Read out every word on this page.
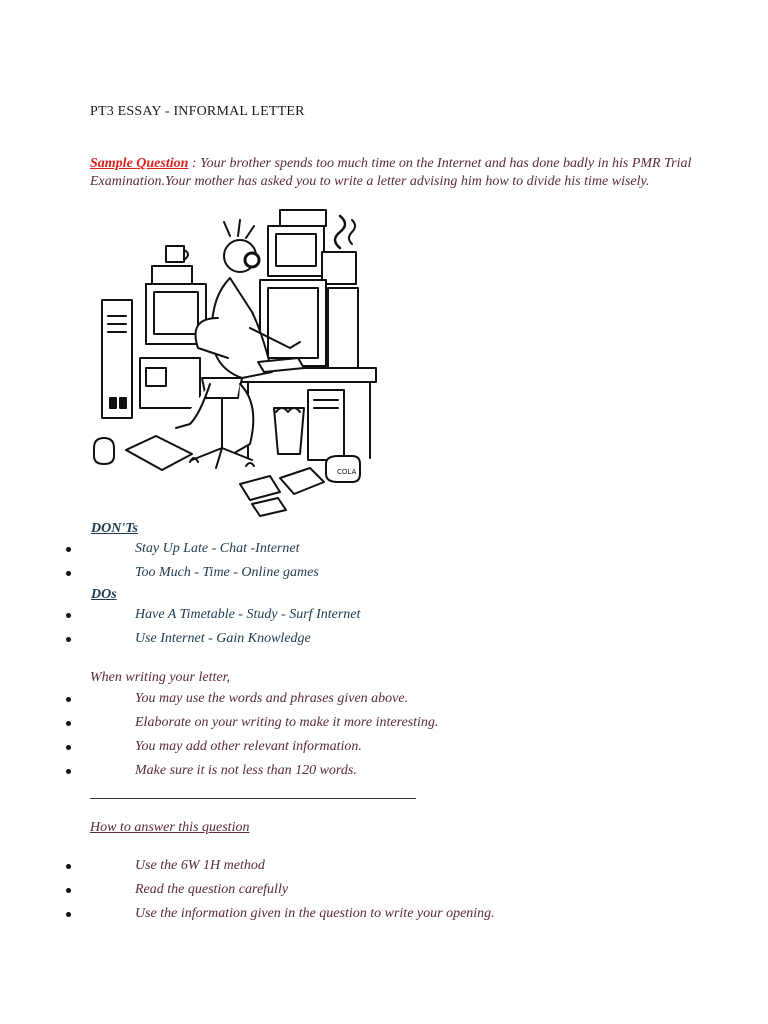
PT3 ESSAY - INFORMAL LETTER
Sample Question : Your brother spends too much time on the Internet and has done badly in his PMR Trial Examination.Your mother has asked you to write a letter advising him how to divide his time wisely.
COLA
DON'Ts
Stay Up Late - Chat -Internet
Too Much - Time - Online games
DOs
Have A Timetable - Study - Surf Internet
Use Internet - Gain Knowledge
When writing your letter,
You may use the words and phrases given above.
Elaborate on your writing to make it more interesting.
You may add other relevant information.
Make sure it is not less than 120 words.
How to answer this question
Use the 6W 1H method
Read the question carefully
Use the information given in the question to write your opening.
